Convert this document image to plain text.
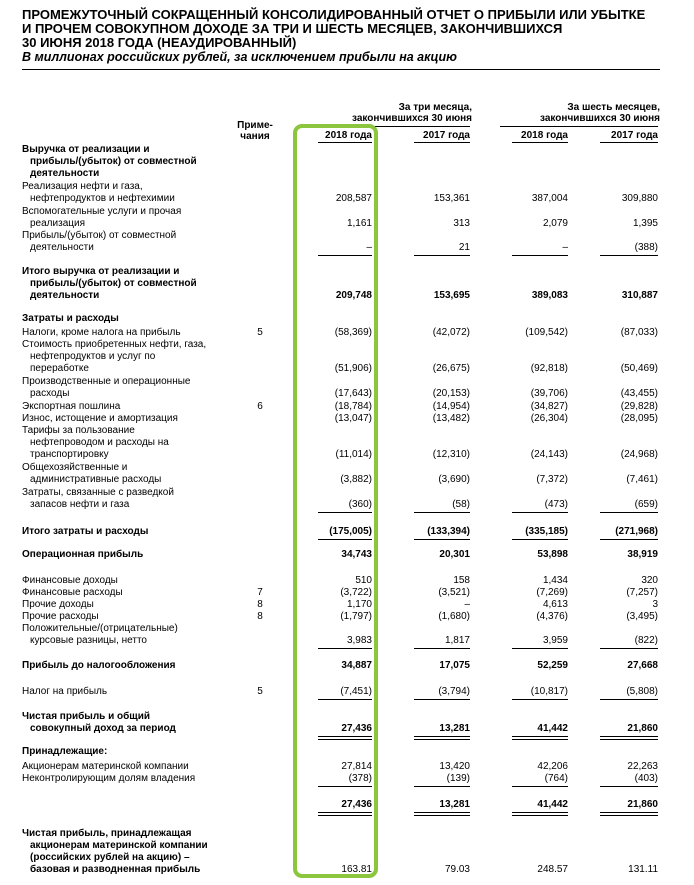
ПРОМЕЖУТОЧНЫЙ СОКРАЩЕННЫЙ КОНСОЛИДИРОВАННЫЙ ОТЧЕТ О ПРИБЫЛИ ИЛИ УБЫТКЕ
И ПРОЧЕМ СОВОКУПНОМ ДОХОДЕ ЗА ТРИ И ШЕСТЬ МЕСЯЦЕВ, ЗАКОНЧИВШИХСЯ
30 ИЮНЯ 2018 ГОДА (НЕАУДИРОВАННЫЙ)
В миллионах российских рублей, за исключением прибыли на акцию
Приме-
чания
За три месяца,
закончившихся 30 июня
За шесть месяцев,
закончившихся 30 июня
2018 года	2017 года	2018 года	2017 года
Выручка от реализации и
прибыль/(убыток) от совместной
деятельности
Реализация нефти и газа,
нефтепродуктов и нефтехимии	208,587	153,361	387,004	309,880
Вспомогательные услуги и прочая
реализация	1,161	313	2,079	1,395
Прибыль/(убыток) от совместной
деятельности	–	21	–	(388)
Итого выручка от реализации и
прибыль/(убыток) от совместной
деятельности	209,748	153,695	389,083	310,887
Затраты и расходы
Налоги, кроме налога на прибыль	5	(58,369)	(42,072)	(109,542)	(87,033)
Стоимость приобретенных нефти, газа,
нефтепродуктов и услуг по
переработке	(51,906)	(26,675)	(92,818)	(50,469)
Производственные и операционные
расходы	(17,643)	(20,153)	(39,706)	(43,455)
Экспортная пошлина	6	(18,784)	(14,954)	(34,827)	(29,828)
Износ, истощение и амортизация	(13,047)	(13,482)	(26,304)	(28,095)
Тарифы за пользование
нефтепроводом и расходы на
транспортировку	(11,014)	(12,310)	(24,143)	(24,968)
Общехозяйственные и
административные расходы	(3,882)	(3,690)	(7,372)	(7,461)
Затраты, связанные с разведкой
запасов нефти и газа	(360)	(58)	(473)	(659)
Итого затраты и расходы	(175,005)	(133,394)	(335,185)	(271,968)
Операционная прибыль	34,743	20,301	53,898	38,919
Финансовые доходы	510	158	1,434	320
Финансовые расходы	7	(3,722)	(3,521)	(7,269)	(7,257)
Прочие доходы	8	1,170	–	4,613	3
Прочие расходы	8	(1,797)	(1,680)	(4,376)	(3,495)
Положительные/(отрицательные)
курсовые разницы, нетто	3,983	1,817	3,959	(822)
Прибыль до налогообложения	34,887	17,075	52,259	27,668
Налог на прибыль	5	(7,451)	(3,794)	(10,817)	(5,808)
Чистая прибыль и общий
совокупный доход за период	27,436	13,281	41,442	21,860
Принадлежащие:
Акционерам материнской компании	27,814	13,420	42,206	22,263
Неконтролирующим долям владения	(378)	(139)	(764)	(403)
27,436	13,281	41,442	21,860
Чистая прибыль, принадлежащая
акционерам материнской компании
(российских рублей на акцию) –
базовая и разводненная прибыль	163.81	79.03	248.57	131.11
